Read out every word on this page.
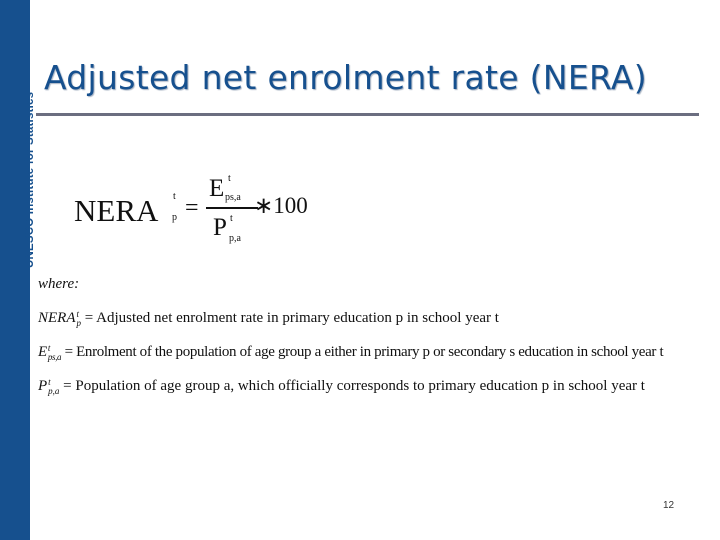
UNESCO Institute for Statistics
Adjusted net enrolment rate (NERA)
NERA t
p =
E t
ps,a
P t
p,a
∗100
where:
NERAt
p = Adjusted net enrolment rate in primary education p in school year t
Et
ps,a = Enrolment of the population of age group a either in primary p or secondary s education in school year t
Pt
p,a = Population of age group a, which officially corresponds to primary education p in school year t
12
